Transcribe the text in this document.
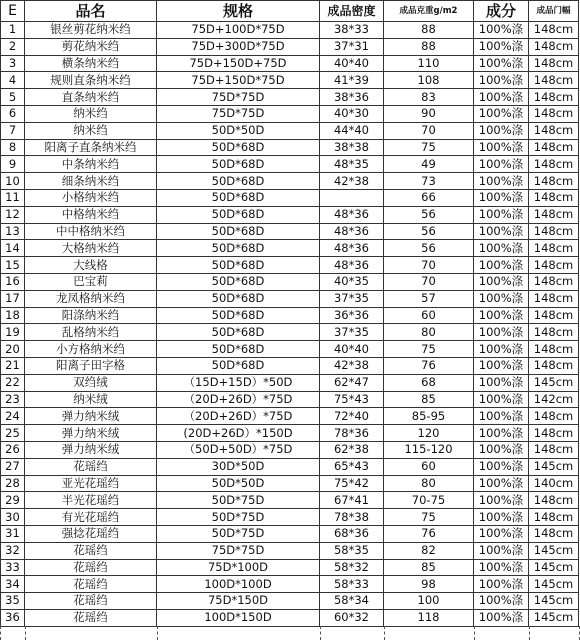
E	品名	规格	成品密度	成品克重g/m2	成分	成品门幅
1	银丝剪花纳米绉	75D+100D*75D	38*33	88	100%涤	148cm
2	剪花纳米绉	75D+300D*75D	37*31	88	100%涤	148cm
3	横条纳米绉	75D+150D+75D	40*40	110	100%涤	148cm
4	规则直条纳米绉	75D+150D*75D	41*39	108	100%涤	148cm
5	直条纳米绉	75D*75D	38*36	83	100%涤	148cm
6	纳米绉	75D*75D	40*30	90	100%涤	148cm
7	纳米绉	50D*50D	44*40	70	100%涤	148cm
8	阳离子直条纳米绉	50D*68D	38*38	75	100%涤	148cm
9	中条纳米绉	50D*68D	48*35	49	100%涤	148cm
10	细条纳米绉	50D*68D	42*38	73	100%涤	148cm
11	小格纳米绉	50D*68D		66	100%涤	148cm
12	中格纳米绉	50D*68D	48*36	56	100%涤	148cm
13	中中格纳米绉	50D*68D	48*36	56	100%涤	148cm
14	大格纳米绉	50D*68D	48*36	56	100%涤	148cm
15	大线格	50D*68D	48*36	70	100%涤	148cm
16	巴宝莉	50D*68D	40*35	70	100%涤	148cm
17	龙凤格纳米绉	50D*68D	37*35	57	100%涤	148cm
18	阳涤纳米绉	50D*68D	36*36	60	100%涤	148cm
19	乱格纳米绉	50D*68D	37*35	80	100%涤	148cm
20	小方格纳米绉	50D*68D	40*40	75	100%涤	148cm
21	阳离子田字格	50D*68D	42*38	76	100%涤	148cm
22	双绉绒	（15D+15D）*50D	62*47	68	100%涤	145cm
23	纳米绒	（20D+26D）*75D	75*43	85	100%涤	142cm
24	弹力纳米绒	（20D+26D）*75D	72*40	85-95	100%涤	148cm
25	弹力纳米绒	(20D+26D）*150D	78*36	120	100%涤	148cm
26	弹力纳米绒	（50D+50D）*75D	62*38	115-120	100%涤	148cm
27	花瑶绉	30D*50D	65*43	60	100%涤	145cm
28	亚光花瑶绉	50D*50D	75*42	80	100%涤	140cm
29	半光花瑶绉	50D*75D	67*41	70-75	100%涤	148cm
30	有光花瑶绉	50D*75D	78*38	75	100%涤	148cm
31	强捻花瑶绉	50D*75D	68*36	76	100%涤	148cm
32	花瑶绉	75D*75D	58*35	82	100%涤	145cm
33	花瑶绉	75D*100D	58*32	85	100%涤	145cm
34	花瑶绉	100D*100D	58*33	98	100%涤	145cm
35	花瑶绉	75D*150D	58*34	100	100%涤	145cm
36	花瑶绉	100D*150D	60*32	118	100%涤	145cm
